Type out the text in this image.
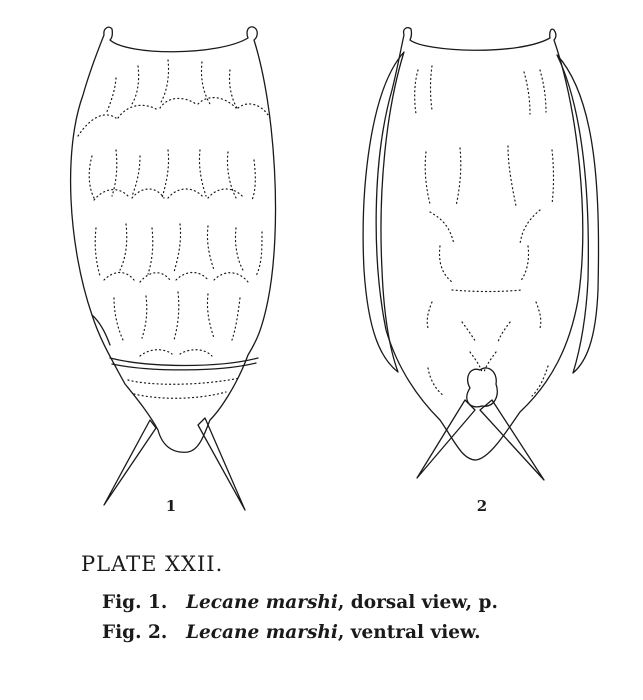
1	2
PLATE XXII.
Fig. 1. Lecane marshi, dorsal view, p.
Fig. 2. Lecane marshi, ventral view.
